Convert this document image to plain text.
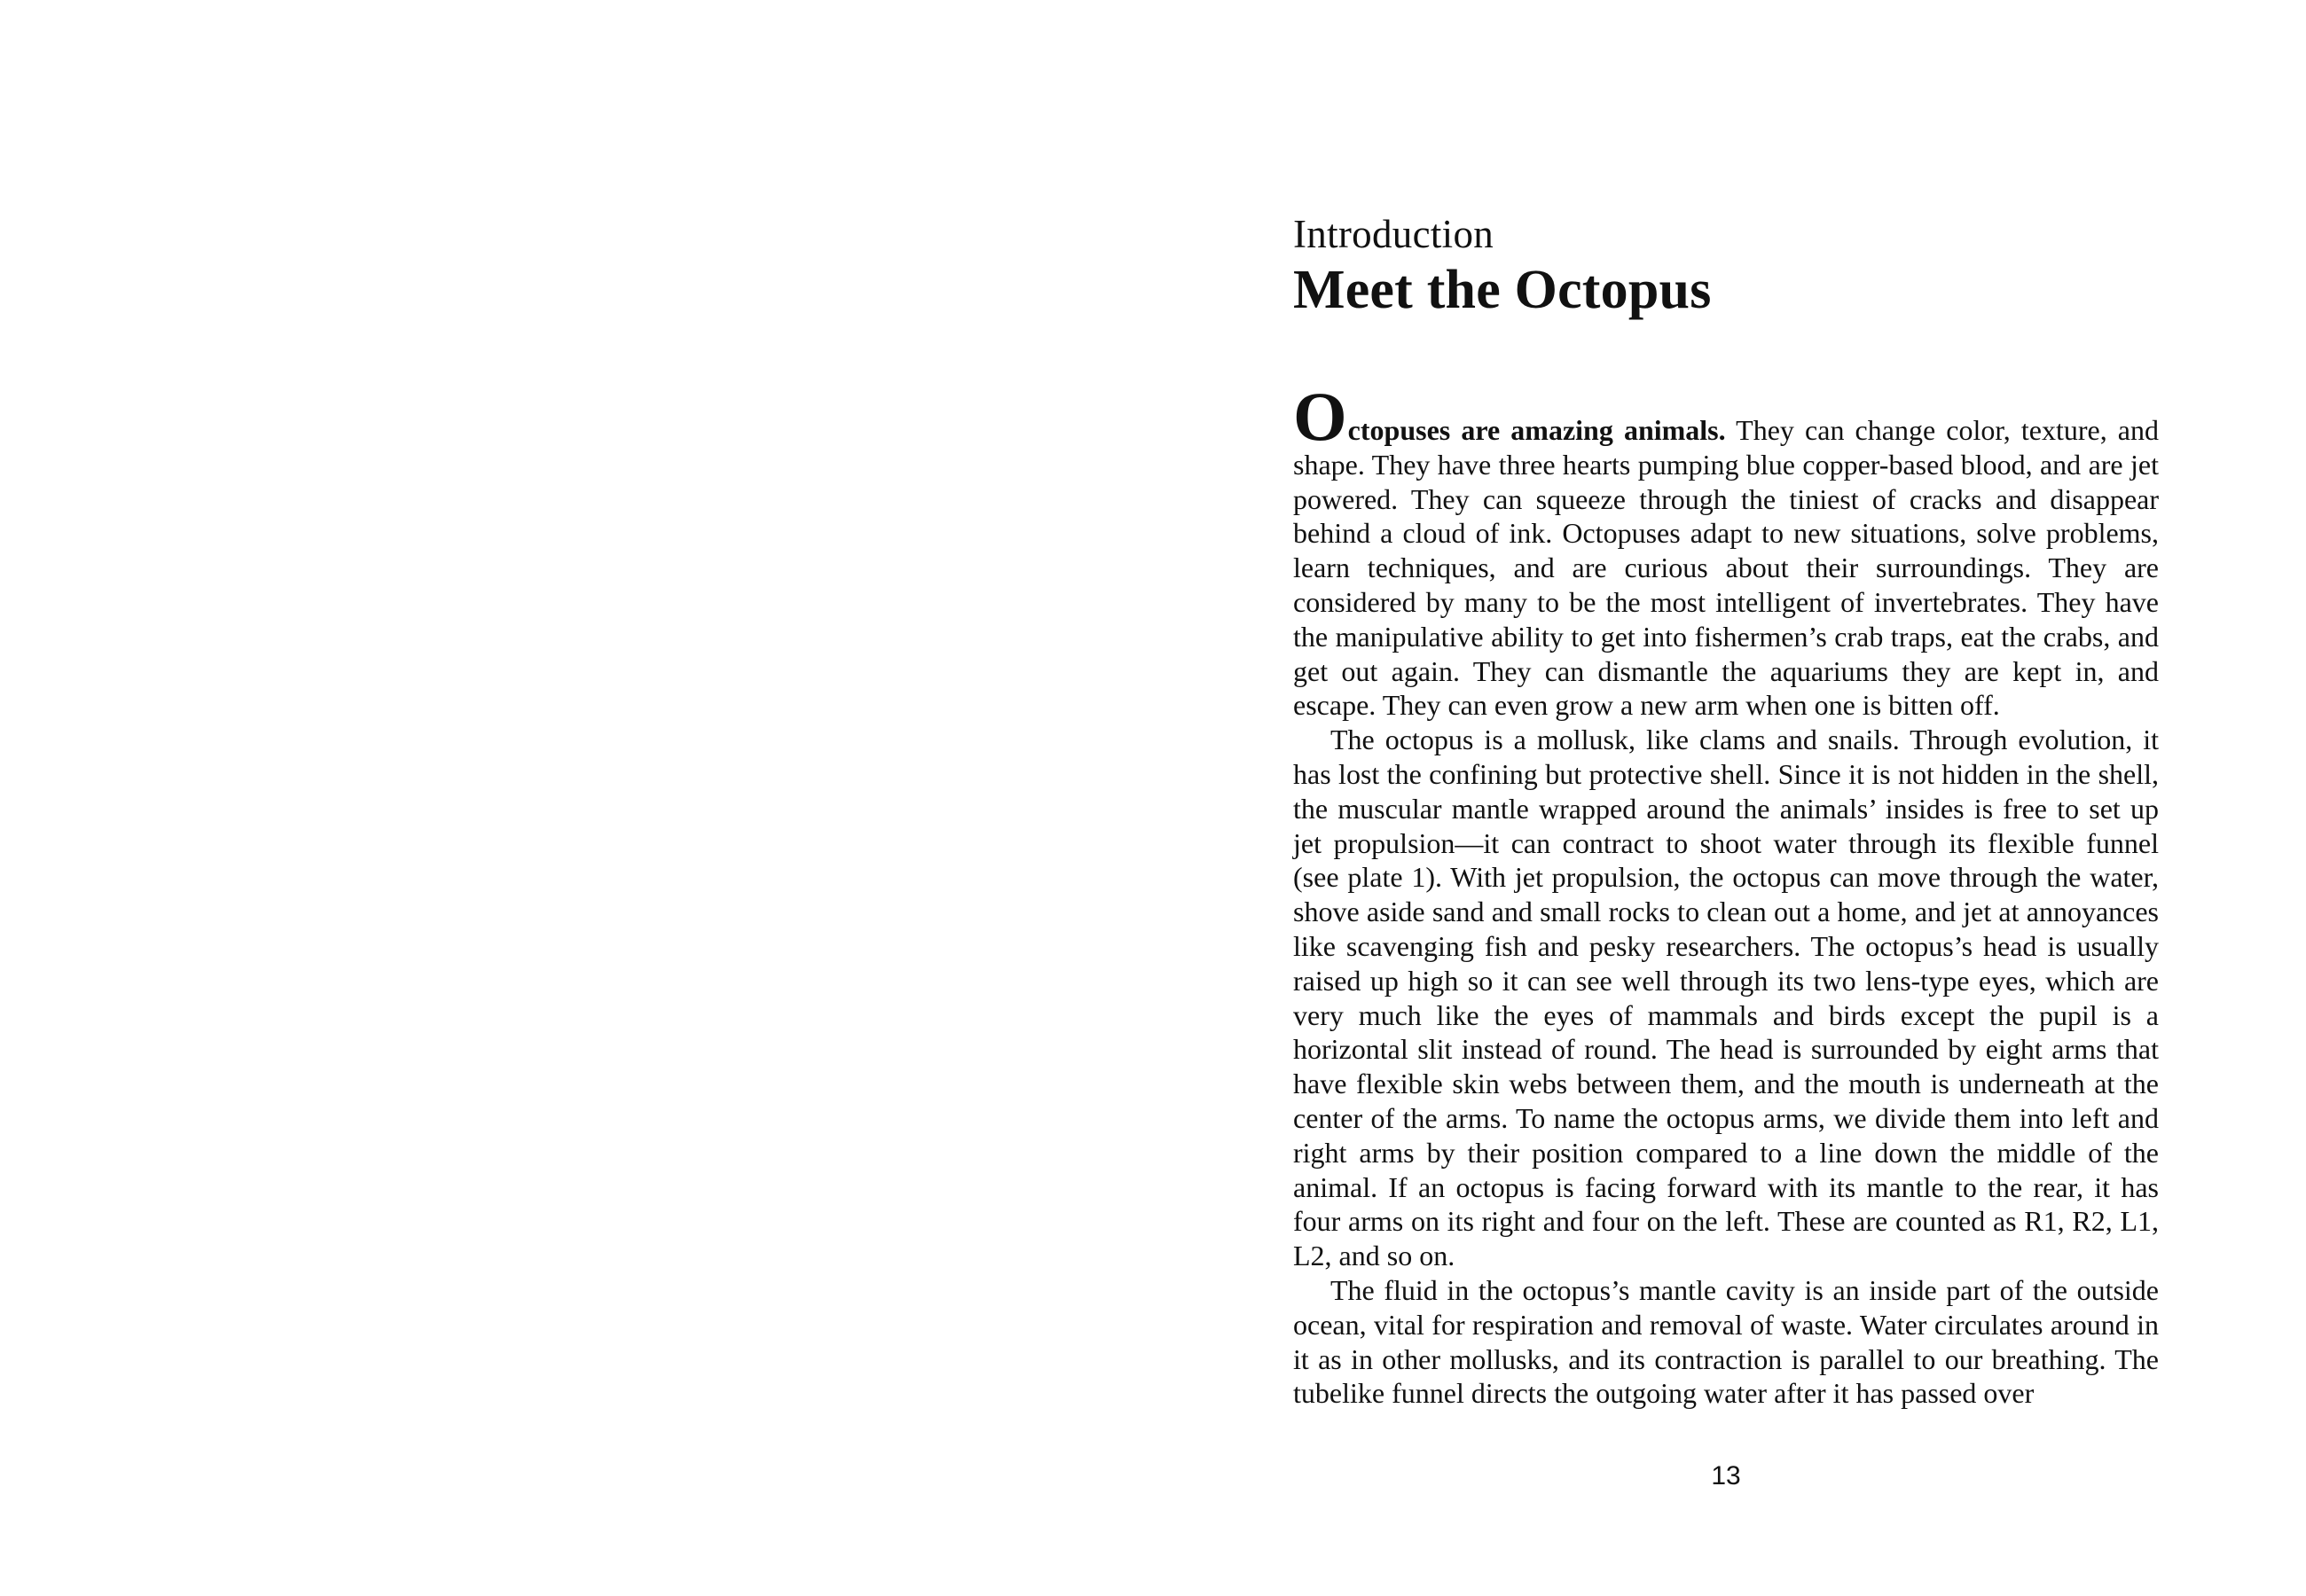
Introduction
Meet the Octopus

Octopuses are amazing animals. They can change color, texture, and shape. They have three hearts pumping blue copper-based blood, and are jet powered. They can squeeze through the tiniest of cracks and disappear behind a cloud of ink. Octopuses adapt to new situations, solve problems, learn techniques, and are curious about their surroundings. They are considered by many to be the most intelligent of invertebrates. They have the manipulative ability to get into fishermen’s crab traps, eat the crabs, and get out again. They can dismantle the aquariums they are kept in, and escape. They can even grow a new arm when one is bitten off.

The octopus is a mollusk, like clams and snails. Through evolution, it has lost the confining but protective shell. Since it is not hidden in the shell, the muscular mantle wrapped around the animals’ insides is free to set up jet propulsion—it can contract to shoot water through its flexible funnel (see plate 1). With jet propulsion, the octopus can move through the water, shove aside sand and small rocks to clean out a home, and jet at annoyances like scavenging fish and pesky researchers. The octopus’s head is usually raised up high so it can see well through its two lens-type eyes, which are very much like the eyes of mammals and birds except the pupil is a horizontal slit instead of round. The head is surrounded by eight arms that have flexible skin webs between them, and the mouth is underneath at the center of the arms. To name the octopus arms, we divide them into left and right arms by their position compared to a line down the middle of the animal. If an octopus is facing forward with its mantle to the rear, it has four arms on its right and four on the left. These are counted as R1, R2, L1, L2, and so on.

The fluid in the octopus’s mantle cavity is an inside part of the outside ocean, vital for respiration and removal of waste. Water circulates around in it as in other mollusks, and its contraction is parallel to our breathing. The tubelike funnel directs the outgoing water after it has passed over

13
